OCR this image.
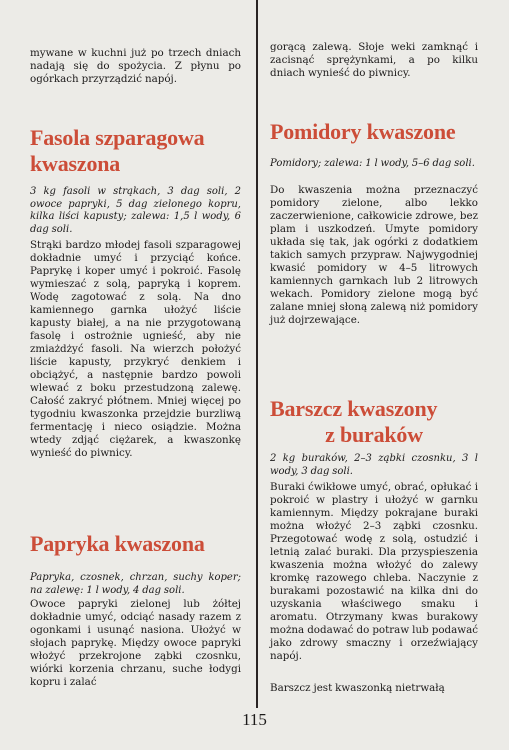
mywane w kuchni już po trzech dniach nadają się do spożycia. Z płynu po ogórkach przyrządzić napój.

Fasola szparagowa kwaszona

3 kg fasoli w strąkach, 3 dag soli, 2 owoce papryki, 5 dag zielonego kopru, kilka liści kapusty; zalewa: 1,5 l wody, 6 dag soli.

Strąki bardzo młodej fasoli szparagowej dokładnie umyć i przyciąć końce. Paprykę i koper umyć i pokroić. Fasolę wymieszać z solą, papryką i koprem. Wodę zagotować z solą. Na dno kamiennego garnka ułożyć liście kapusty białej, a na nie przygotowaną fasolę i ostrożnie ugnieść, aby nie zmiażdżyć fasoli. Na wierzch położyć liście kapusty, przykryć denkiem i obciążyć, a następnie bardzo powoli wlewać z boku przestudzoną zalewę. Całość zakryć płótnem. Mniej więcej po tygodniu kwaszonka przejdzie burzliwą fermentację i nieco osiądzie. Można wtedy zdjąć ciężarek, a kwaszonkę wynieść do piwnicy.

Papryka kwaszona

Papryka, czosnek, chrzan, suchy koper; na zalewę: 1 l wody, 4 dag soli.

Owoce papryki zielonej lub żółtej dokładnie umyć, odciąć nasady razem z ogonkami i usunąć nasiona. Ułożyć w słojach paprykę. Między owoce papryki włożyć przekrojone ząbki czosnku, wiórki korzenia chrzanu, suche łodygi kopru i zalać

gorącą zalewą. Słoje weki zamknąć i zacisnąć sprężynkami, a po kilku dniach wynieść do piwnicy.

Pomidory kwaszone

Pomidory; zalewa: 1 l wody, 5–6 dag soli.

Do kwaszenia można przeznaczyć pomidory zielone, albo lekko zaczerwienione, całkowicie zdrowe, bez plam i uszkodzeń. Umyte pomidory układa się tak, jak ogórki z dodatkiem takich samych przypraw. Najwygodniej kwasić pomidory w 4–5 litrowych kamiennych garnkach lub 2 litrowych wekach. Pomidory zielone mogą być zalane mniej słoną zalewą niż pomidory już dojrzewające.

Barszcz kwaszony
z buraków

2 kg buraków, 2–3 ząbki czosnku, 3 l wody, 3 dag soli.

Buraki ćwikłowe umyć, obrać, opłukać i pokroić w plastry i ułożyć w garnku kamiennym. Między pokrajane buraki można włożyć 2–3 ząbki czosnku. Przegotować wodę z solą, ostudzić i letnią zalać buraki. Dla przyspieszenia kwaszenia można włożyć do zalewy kromkę razowego chleba. Naczynie z burakami pozostawić na kilka dni do uzyskania właściwego smaku i aromatu. Otrzymany kwas burakowy można dodawać do potraw lub podawać jako zdrowy smaczny i orzeźwiający napój.

Barszcz jest kwaszonką nietrwałą

115
